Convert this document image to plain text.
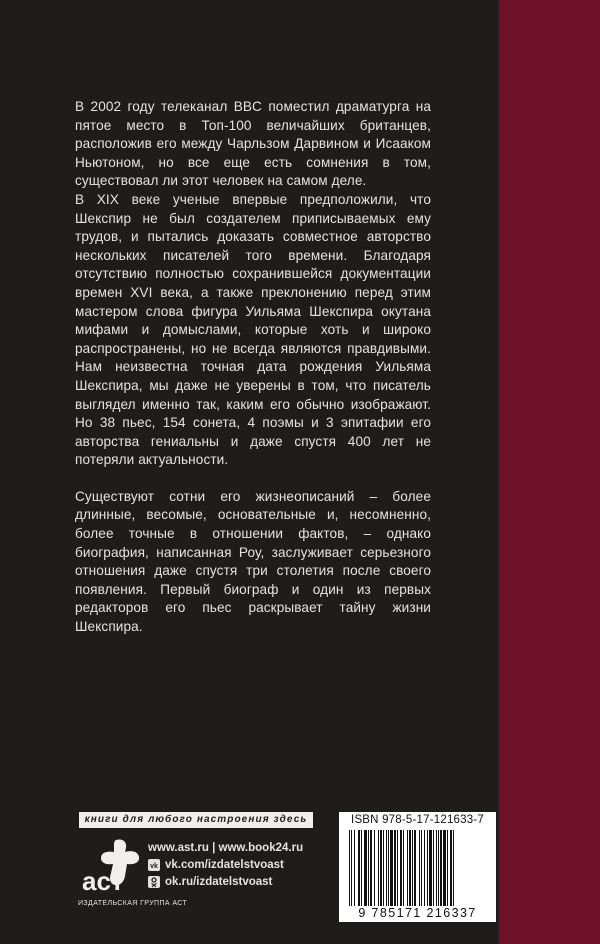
В 2002 году телеканал BBC поместил драматурга на пятое место в Топ-100 величайших британцев, расположив его между Чарльзом Дарвином и Исааком Ньютоном, но все еще есть сомнения в том, существовал ли этот человек на самом деле.

В XIX веке ученые впервые предположили, что Шекспир не был создателем приписываемых ему трудов, и пытались доказать совместное авторство нескольких писателей того времени. Благодаря отсутствию полностью сохранившейся документации времен XVI века, а также преклонению перед этим мастером слова фигура Уильяма Шекспира окутана мифами и домыслами, которые хоть и широко распространены, но не всегда являются правдивыми. Нам неизвестна точная дата рождения Уильяма Шекспира, мы даже не уверены в том, что писатель выглядел именно так, каким его обычно изображают. Но 38 пьес, 154 сонета, 4 поэмы и 3 эпитафии его авторства гениальны и даже спустя 400 лет не потеряли актуальности.

Существуют сотни его жизнеописаний – более длинные, весомые, основательные и, несомненно, более точные в отношении фактов, – однако биография, написанная Роу, заслуживает серьезного отношения даже спустя три столетия после своего появления. Первый биограф и один из первых редакторов его пьес раскрывает тайну жизни Шекспира.

книги для любого настроения здесь
аст
ИЗДАТЕЛЬСКАЯ ГРУППА АСТ
www.ast.ru | www.book24.ru
vk vk.com/izdatelstvoast
ok.ru/izdatelstvoast
ISBN 978-5-17-121633-7
9 785171 216337
